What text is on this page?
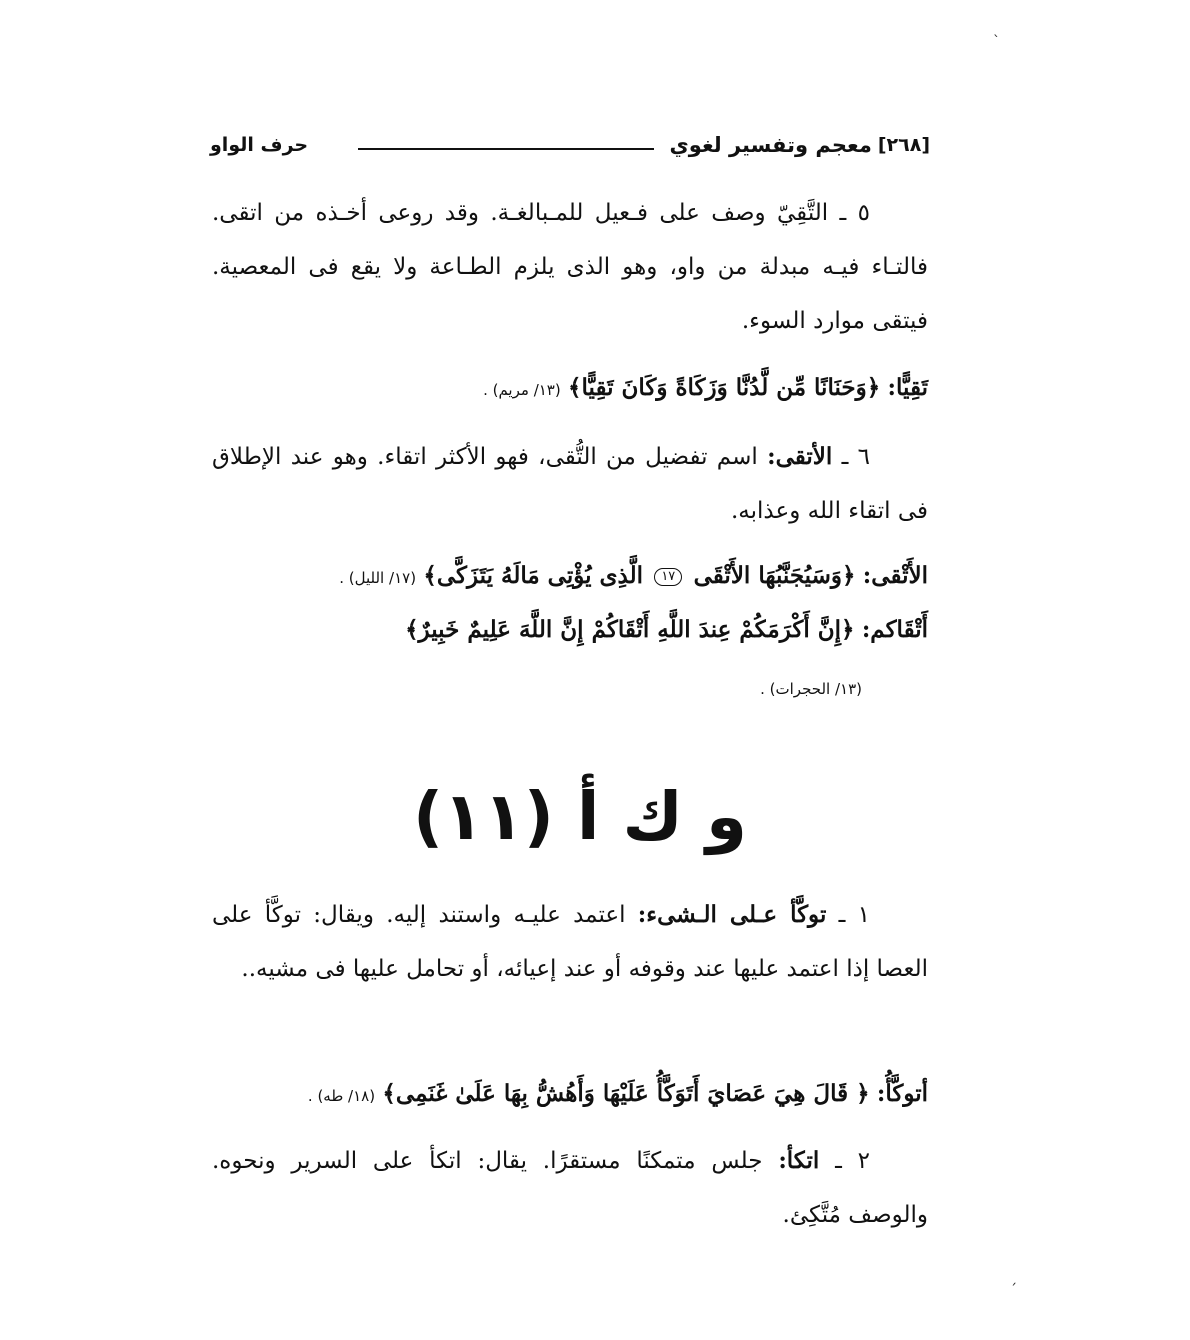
ˋ
[٢٦٨]
معجم وتفسير لغوي
حرف الواو
٥ ـ التَّقِيّ وصف على فـعيل للمـبالغـة. وقد روعى أخـذه من اتقى. فالتـاء فيـه مبدلة من واو، وهو الذى يلزم الطـاعة ولا يقع فى المعصية. فيتقى موارد السوء.
تَقِيًّا: ﴿وَحَنَانًا مِّن لَّدُنَّا وَزَكَاةً وَكَانَ تَقِيًّا﴾ (١٣/ مريم) .
٦ ـ الأتقى: اسم تفضيل من التُّقى، فهو الأكثر اتقاء. وهو عند الإطلاق فى اتقاء الله وعذابه.
الأَتْقى: ﴿وَسَيُجَنَّبُهَا الأَتْقَى ١٧ الَّذِى يُؤْتِى مَالَهُ يَتَزَكَّى﴾ (١٧/ الليل) .
أَتْقَاكم: ﴿إِنَّ أَكْرَمَكُمْ عِندَ اللَّهِ أَتْقَاكُمْ إِنَّ اللَّهَ عَلِيمٌ خَبِيرٌ﴾
(١٣/ الحجرات) .
و ك أ (١١)
١ ـ توكَّأ عـلى الـشىء: اعتمد عليـه واستند إليه. ويقال: توكَّأ على العصا إذا اعتمد عليها عند وقوفه أو عند إعيائه، أو تحامل عليها فى مشيه..
أتوكَّأُ: ﴿ قَالَ هِيَ عَصَايَ أَتَوَكَّأُ عَلَيْهَا وَأَهُشُّ بِهَا عَلَىٰ غَنَمِى﴾ (١٨/ طه) .
٢ ـ اتكأ: جلس متمكنًا مستقرًا. يقال: اتكأ على السرير ونحوه. والوصف مُتَّكِئ.
ˏ
